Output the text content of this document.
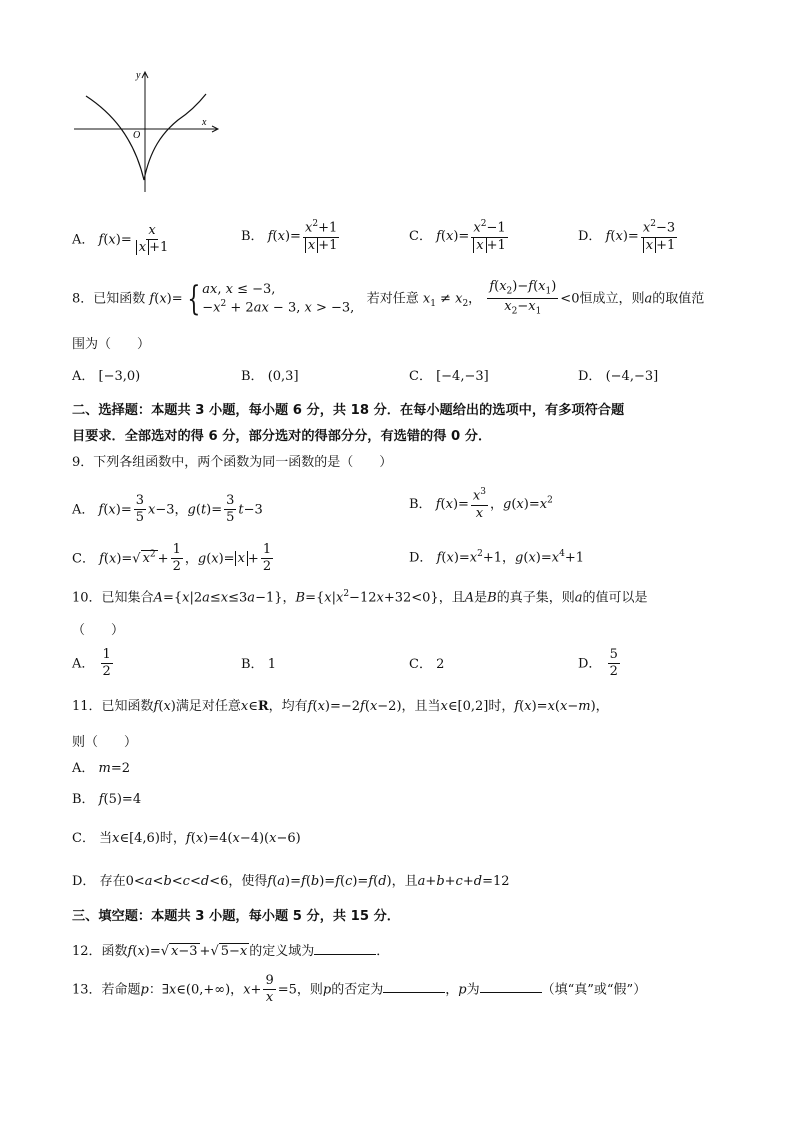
y
x
O
A． $f(x)= \frac{x}{x +1}$	B． $f(x)= \frac{x^2+1}{x +1}$	C． $f(x)= \frac{x^2-1}{x +1}$	D． $f(x)= \frac{x^2-3}{x +1}$
8．已知函数 f(x)= { ax, x ≤ −3,
$-x^2 + 2ax - 3$, x > −3,
若对任意 $x_1 \ne x_2$， $\frac{f(x_2)-f(x_1)}{x_2-x_1} <0$恒成立，则a的取值范
围为（　　）
A． [−3,0)	B． (0,3]	C． [−4,−3]	D． (−4,−3]
二、选择题：本题共 3 小题，每小题 6 分，共 18 分．在每小题给出的选项中，有多项符合题
目要求．全部选对的得 6 分，部分选对的得部分分，有选错的得 0 分．
9．下列各组函数中，两个函数为同一函数的是（　　）
A． $f(x)= \frac{3}{5} x-3$，$g(t)= \frac{3}{5} t-3$	B． $f(x)= \frac{x^3}{x}$ ，$g(x)=x^2$
C． f(x)=√ $x^2 + \frac{1}{2}$ ，$g(x)= x + \frac{1}{2}$	D． $f(x)=x^2+1$，$g(x)=x^4+1$
10．已知集合A={x|2a≤x≤3a−1}，$B=\{x|x^2-12x+32<0\}$，且A是B的真子集，则a的值可以是
（　　）
A． $\frac{1}{2}$	B． 1	C． 2	D． $\frac{5}{2}$
11．已知函数f(x)满足对任意x∈R，均有f(x)=−2f(x−2)，且当x∈[0,2]时，f(x)=x(x−m)，
则（　　）
A． m=2
B． f(5)=4
C． 当x∈[4,6)时，f(x)=4(x−4)(x−6)
D． 存在0<a<b<c<d<6，使得f(a)=f(b)=f(c)=f(d)，且a+b+c+d=12
三、填空题：本题共 3 小题，每小题 5 分，共 15 分．
12．函数f(x)=√ x−3 +√ 5−x 的定义域为	．
13．若命题p：∃x∈(0,+∞)，$x+ \frac{9}{x} =5$，则p的否定为	，p为	（填“真”或“假”）
